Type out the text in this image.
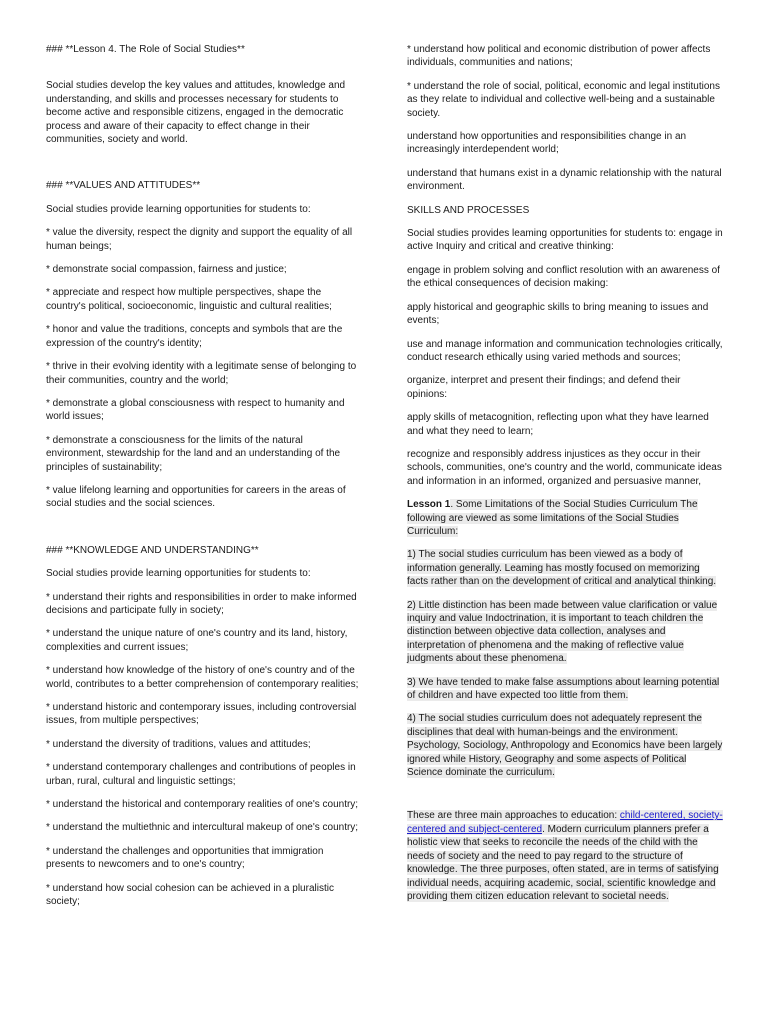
### **Lesson 4. The Role of Social Studies**

Social studies develop the key values and attitudes, knowledge and understanding, and skills and processes necessary for students to become active and responsible citizens, engaged in the democratic process and aware of their capacity to effect change in their communities, society and world.

### **VALUES AND ATTITUDES**

Social studies provide learning opportunities for students to:

* value the diversity, respect the dignity and support the equality of all human beings;

* demonstrate social compassion, fairness and justice;

* appreciate and respect how multiple perspectives, shape the country's political, socioeconomic, linguistic and cultural realities;

* honor and value the traditions, concepts and symbols that are the expression of the country's identity;

* thrive in their evolving identity with a legitimate sense of belonging to their communities, country and the world;

* demonstrate a global consciousness with respect to humanity and world issues;

* demonstrate a consciousness for the limits of the natural environment, stewardship for the land and an understanding of the principles of sustainability;

* value lifelong learning and opportunities for careers in the areas of social studies and the social sciences.

### **KNOWLEDGE AND UNDERSTANDING**

Social studies provide learning opportunities for students to:

* understand their rights and responsibilities in order to make informed decisions and participate fully in society;

* understand the unique nature of one's country and its land, history, complexities and current issues;

* understand how knowledge of the history of one's country and of the world, contributes to a better comprehension of contemporary realities;

* understand historic and contemporary issues, including controversial issues, from multiple perspectives;

* understand the diversity of traditions, values and attitudes;

* understand contemporary challenges and contributions of peoples in urban, rural, cultural and linguistic settings;

* understand the historical and contemporary realities of one's country;

* understand the multiethnic and intercultural makeup of one's country;

* understand the challenges and opportunities that immigration presents to newcomers and to one's country;

* understand how social cohesion can be achieved in a pluralistic society;

* understand how political and economic distribution of power affects individuals, communities and nations;

* understand the role of social, political, economic and legal institutions as they relate to individual and collective well-being and a sustainable society.

understand how opportunities and responsibilities change in an increasingly interdependent world;

understand that humans exist in a dynamic relationship with the natural environment.

SKILLS AND PROCESSES

Social studies provides leaming opportunities for students to: engage in active Inquiry and critical and creative thinking:

engage in problem solving and conflict resolution with an awareness of the ethical consequences of decision making:

apply historical and geographic skills to bring meaning to issues and events;

use and manage information and communication technologies critically, conduct research ethically using varied methods and sources;

organize, interpret and present their findings; and defend their opinions:

apply skills of metacognition, reflecting upon what they have learned and what they need to learn;

recognize and responsibly address injustices as they occur in their schools, communities, one's country and the world, communicate ideas and information in an informed, organized and persuasive manner,

Lesson 1. Some Limitations of the Social Studies Curriculum The following are viewed as some limitations of the Social Studies Curriculum:

1) The social studies curriculum has been viewed as a body of information generally. Leaming has mostly focused on memorizing facts rather than on the development of critical and analytical thinking.

2) Little distinction has been made between value clarification or value inquiry and value Indoctrination, it is important to teach children the distinction between objective data collection, analyses and interpretation of phenomena and the making of reflective value judgments about these phenomena.

3) We have tended to make false assumptions about learning potential of children and have expected too little from them.

4) The social studies curriculum does not adequately represent the disciplines that deal with human-beings and the environment. Psychology, Sociology, Anthropology and Economics have been largely ignored while History, Geography and some aspects of Political Science dominate the curriculum.

These are three main approaches to education: child-centered, society-centered and subject-centered. Modern curriculum planners prefer a holistic view that seeks to reconcile the needs of the child with the needs of society and the need to pay regard to the structure of knowledge. The three purposes, often stated, are in terms of satisfying individual needs, acquiring academic, social, scientific knowledge and providing them citizen education relevant to societal needs.
